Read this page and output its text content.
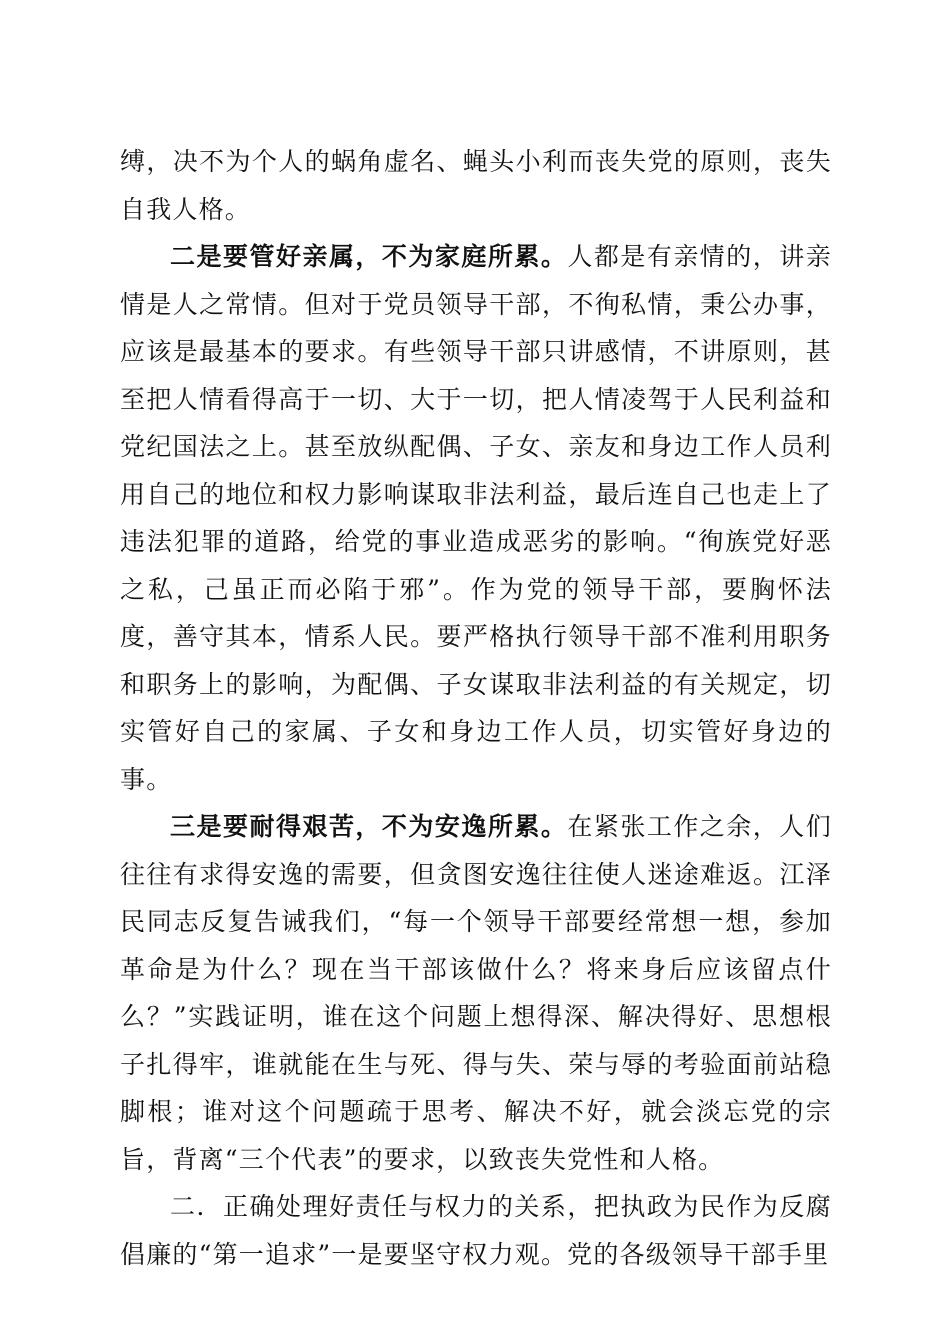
缚，决不为个人的蜗角虚名、蝇头小利而丧失党的原则，丧失自我人格。

二是要管好亲属，不为家庭所累。人都是有亲情的，讲亲情是人之常情。但对于党员领导干部，不徇私情，秉公办事，应该是最基本的要求。有些领导干部只讲感情，不讲原则，甚至把人情看得高于一切、大于一切，把人情凌驾于人民利益和党纪国法之上。甚至放纵配偶、子女、亲友和身边工作人员利用自己的地位和权力影响谋取非法利益，最后连自己也走上了违法犯罪的道路，给党的事业造成恶劣的影响。“徇族党好恶之私，己虽正而必陷于邪”。作为党的领导干部，要胸怀法度，善守其本，情系人民。要严格执行领导干部不准利用职务和职务上的影响，为配偶、子女谋取非法利益的有关规定，切实管好自己的家属、子女和身边工作人员，切实管好身边的事。

三是要耐得艰苦，不为安逸所累。在紧张工作之余，人们往往有求得安逸的需要，但贪图安逸往往使人迷途难返。江泽民同志反复告诫我们，“每一个领导干部要经常想一想，参加革命是为什么？现在当干部该做什么？将来身后应该留点什么？”实践证明，谁在这个问题上想得深、解决得好、思想根子扎得牢，谁就能在生与死、得与失、荣与辱的考验面前站稳脚根；谁对这个问题疏于思考、解决不好，就会淡忘党的宗旨，背离“三个代表”的要求，以致丧失党性和人格。

二．正确处理好责任与权力的关系，把执政为民作为反腐倡廉的“第一追求”一是要坚守权力观。党的各级领导干部手里
